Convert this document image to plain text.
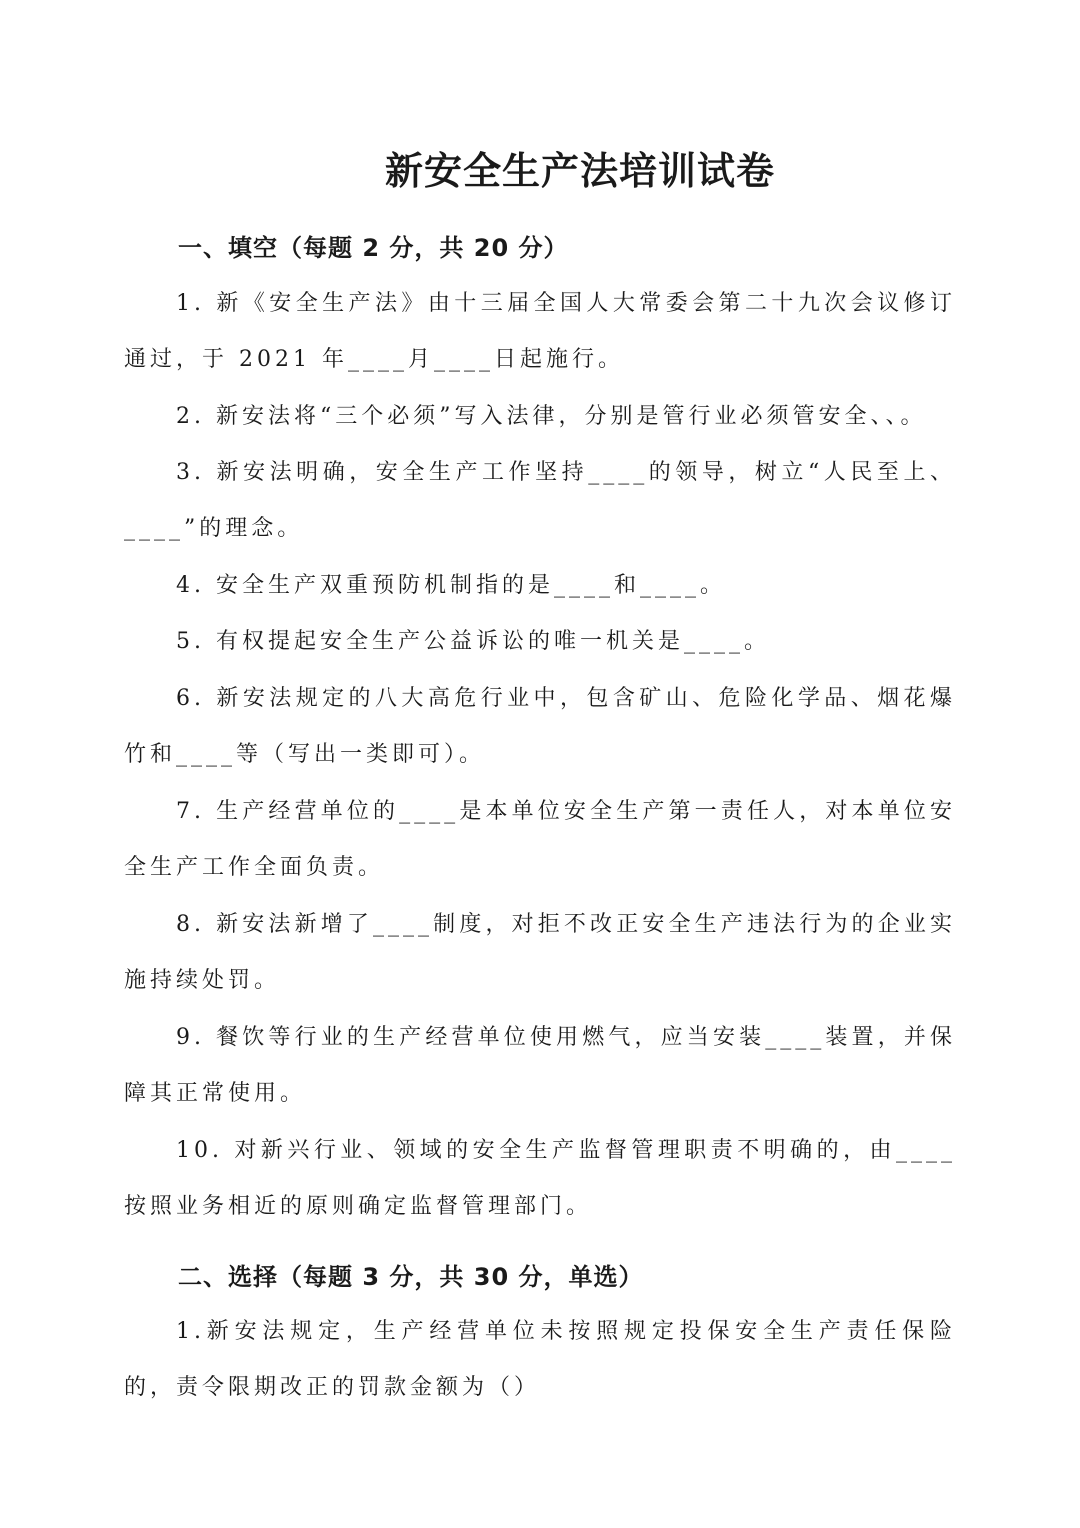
新安全生产法培训试卷
一、填空（每题 2 分，共 20 分）
1. 新《安全生产法》由十三届全国人大常委会第二十九次会议修订通过，于 2021 年____月____日起施行。
2. 新安法将“三个必须”写入法律，分别是管行业必须管安全、、。
3. 新安法明确，安全生产工作坚持____的领导，树立“人民至上、____”的理念。
4. 安全生产双重预防机制指的是____和____。
5. 有权提起安全生产公益诉讼的唯一机关是____。
6. 新安法规定的八大高危行业中，包含矿山、危险化学品、烟花爆竹和____等（写出一类即可）。
7. 生产经营单位的____是本单位安全生产第一责任人，对本单位安全生产工作全面负责。
8. 新安法新增了____制度，对拒不改正安全生产违法行为的企业实施持续处罚。
9. 餐饮等行业的生产经营单位使用燃气，应当安装____装置，并保障其正常使用。
10. 对新兴行业、领域的安全生产监督管理职责不明确的，由____按照业务相近的原则确定监督管理部门。
二、选择（每题 3 分，共 30 分，单选）
1.新安法规定，生产经营单位未按照规定投保安全生产责任保险的，责令限期改正的罚款金额为（）
